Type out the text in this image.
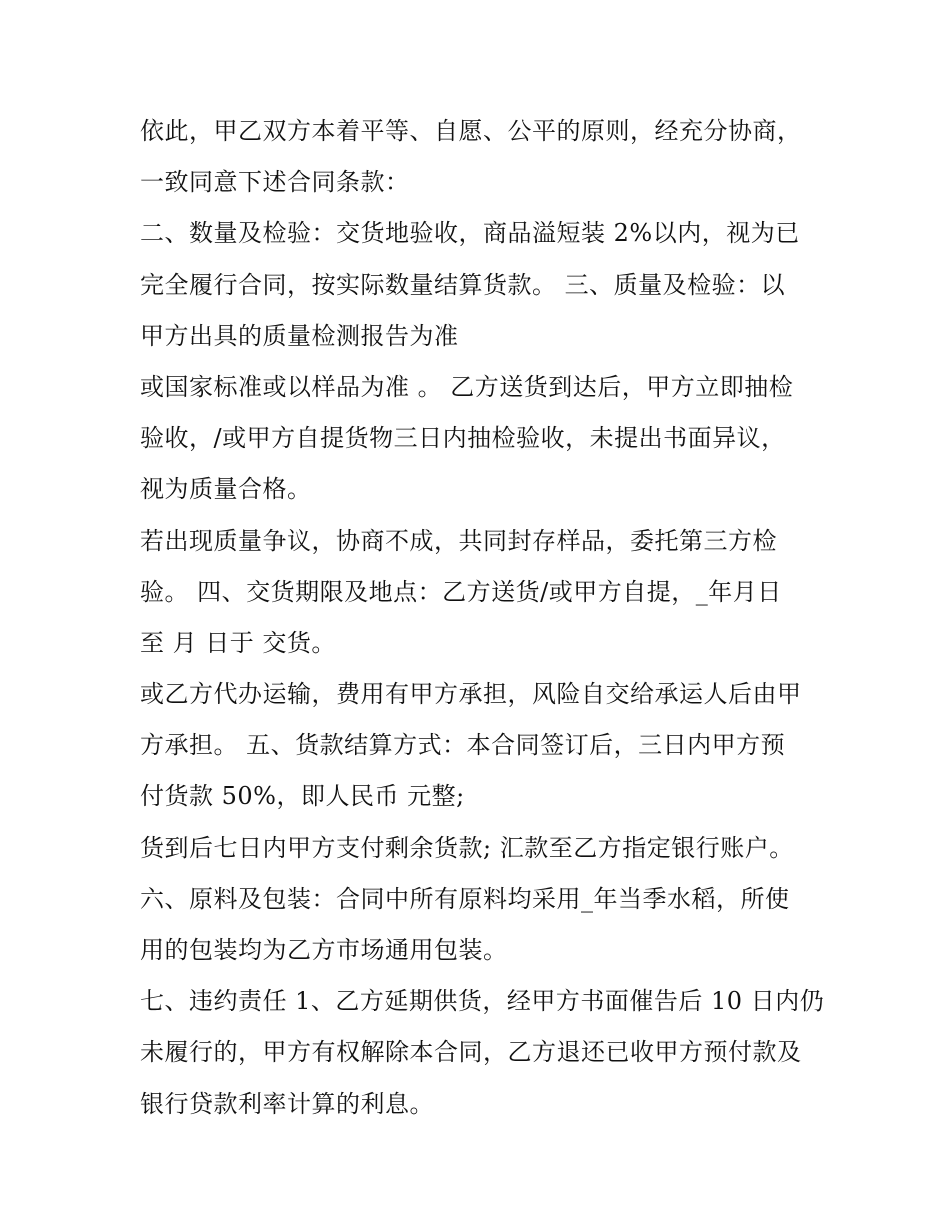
依此，甲乙双方本着平等、自愿、公平的原则，经充分协商，
一致同意下述合同条款：
二、数量及检验：交货地验收，商品溢短装 2%以内，视为已
完全履行合同，按实际数量结算货款。 三、质量及检验：以
甲方出具的质量检测报告为准
或国家标准或以样品为准 。 乙方送货到达后，甲方立即抽检
验收，/或甲方自提货物三日内抽检验收，未提出书面异议，
视为质量合格。
若出现质量争议，协商不成，共同封存样品，委托第三方检
验。 四、交货期限及地点：乙方送货/或甲方自提，_年月日
至 月 日于 交货。
或乙方代办运输，费用有甲方承担，风险自交给承运人后由甲
方承担。 五、货款结算方式：本合同签订后，三日内甲方预
付货款 50%，即人民币 元整;
货到后七日内甲方支付剩余货款; 汇款至乙方指定银行账户。
六、原料及包装：合同中所有原料均采用_年当季水稻，所使
用的包装均为乙方市场通用包装。
七、违约责任 1、乙方延期供货，经甲方书面催告后 10 日内仍
未履行的，甲方有权解除本合同，乙方退还已收甲方预付款及
银行贷款利率计算的利息。
